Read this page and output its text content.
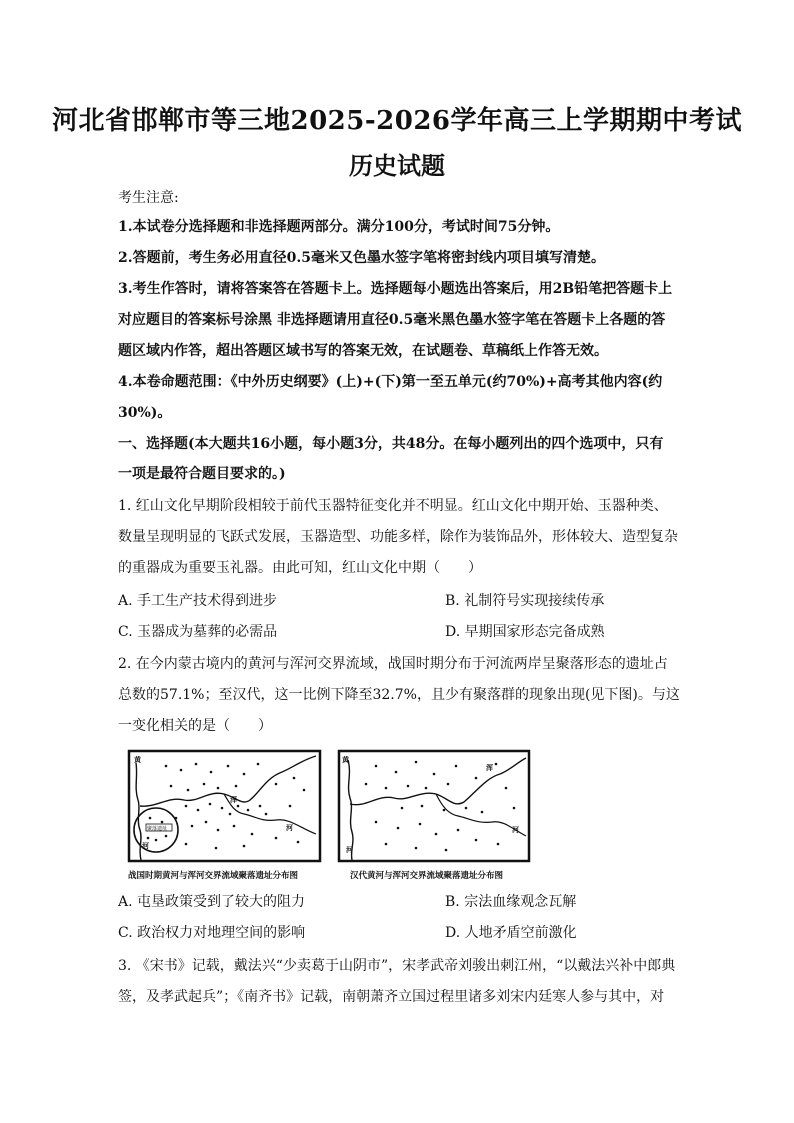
河北省邯郸市等三地2025-2026学年高三上学期期中考试
历史试题
考生注意:
1.本试卷分选择题和非选择题两部分。满分100分，考试时间75分钟。
2.答题前，考生务必用直径0.5毫米又色墨水签字笔将密封线内项目填写清楚。
3.考生作答时，请将答案答在答题卡上。选择题每小题选出答案后，用2B铅笔把答题卡上
对应题目的答案标号涂黑 非选择题请用直径0.5毫米黑色墨水签字笔在答题卡上各题的答
题区域内作答，超出答题区域书写的答案无效，在试题卷、草稿纸上作答无效。
4.本卷命题范围：《中外历史纲要》(上)+(下)第一至五单元(约70%)+高考其他内容(约
30%)。
一、选择题(本大题共16小题，每小题3分，共48分。在每小题列出的四个选项中，只有
一项是最符合题目要求的。)
1. 红山文化早期阶段相较于前代玉器特征变化并不明显。红山文化中期开始、玉器种类、
数量呈现明显的飞跃式发展，玉器造型、功能多样，除作为装饰品外，形体较大、造型复杂
的重器成为重要玉礼器。由此可知，红山文化中期（　　）
A. 手工生产技术得到进步	B. 礼制符号实现接续传承
C. 玉器成为墓葬的必需品	D. 早期国家形态完备成熟
2. 在今内蒙古境内的黄河与浑河交界流域，战国时期分布于河流两岸呈聚落形态的遗址占
总数的57.1%；至汉代，这一比例下降至32.7%，且少有聚落群的现象出现(见下图)。与这
一变化相关的是（　　）
黄
河
浑
河
聚落遗址
战国时期黄河与浑河交界流域聚落遗址分布图
黄
河
浑
河
汉代黄河与浑河交界流域聚落遗址分布图
A. 屯垦政策受到了较大的阻力	B. 宗法血缘观念瓦解
C. 政治权力对地理空间的影响	D. 人地矛盾空前激化
3. 《宋书》记载，戴法兴“少卖葛于山阴市”，宋孝武帝刘骏出刺江州，“以戴法兴补中郎典
签，及孝武起兵”；《南齐书》记载，南朝萧齐立国过程里诸多刘宋内廷寒人参与其中，对
